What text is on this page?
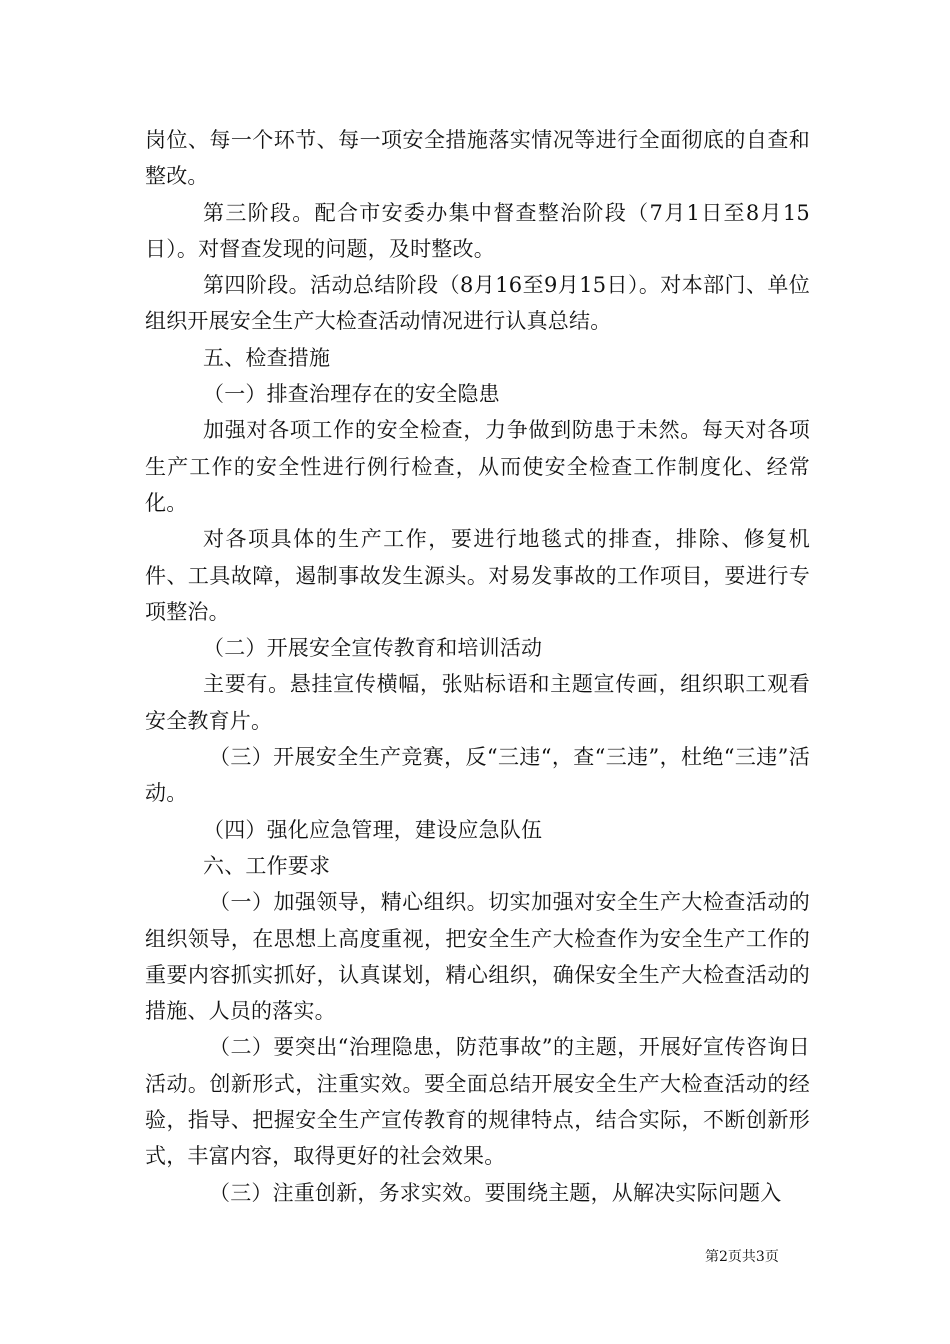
岗位、每一个环节、每一项安全措施落实情况等进行全面彻底的自查和整改。

第三阶段。配合市安委办集中督查整治阶段（7月1日至8月15日）。对督查发现的问题，及时整改。

第四阶段。活动总结阶段（8月16至9月15日）。对本部门、单位组织开展安全生产大检查活动情况进行认真总结。

五、检查措施

（一）排查治理存在的安全隐患

加强对各项工作的安全检查，力争做到防患于未然。每天对各项生产工作的安全性进行例行检查，从而使安全检查工作制度化、经常化。

对各项具体的生产工作，要进行地毯式的排查，排除、修复机件、工具故障，遏制事故发生源头。对易发事故的工作项目，要进行专项整治。

（二）开展安全宣传教育和培训活动

主要有。悬挂宣传横幅，张贴标语和主题宣传画，组织职工观看安全教育片。

（三）开展安全生产竞赛，反“三违“，查“三违”，杜绝“三违”活动。

（四）强化应急管理，建设应急队伍

六、工作要求

（一）加强领导，精心组织。切实加强对安全生产大检查活动的组织领导，在思想上高度重视，把安全生产大检查作为安全生产工作的重要内容抓实抓好，认真谋划，精心组织，确保安全生产大检查活动的措施、人员的落实。

（二）要突出“治理隐患，防范事故”的主题，开展好宣传咨询日活动。创新形式，注重实效。要全面总结开展安全生产大检查活动的经验，指导、把握安全生产宣传教育的规律特点，结合实际，不断创新形式，丰富内容，取得更好的社会效果。

（三）注重创新，务求实效。要围绕主题，从解决实际问题入

第2页共3页
